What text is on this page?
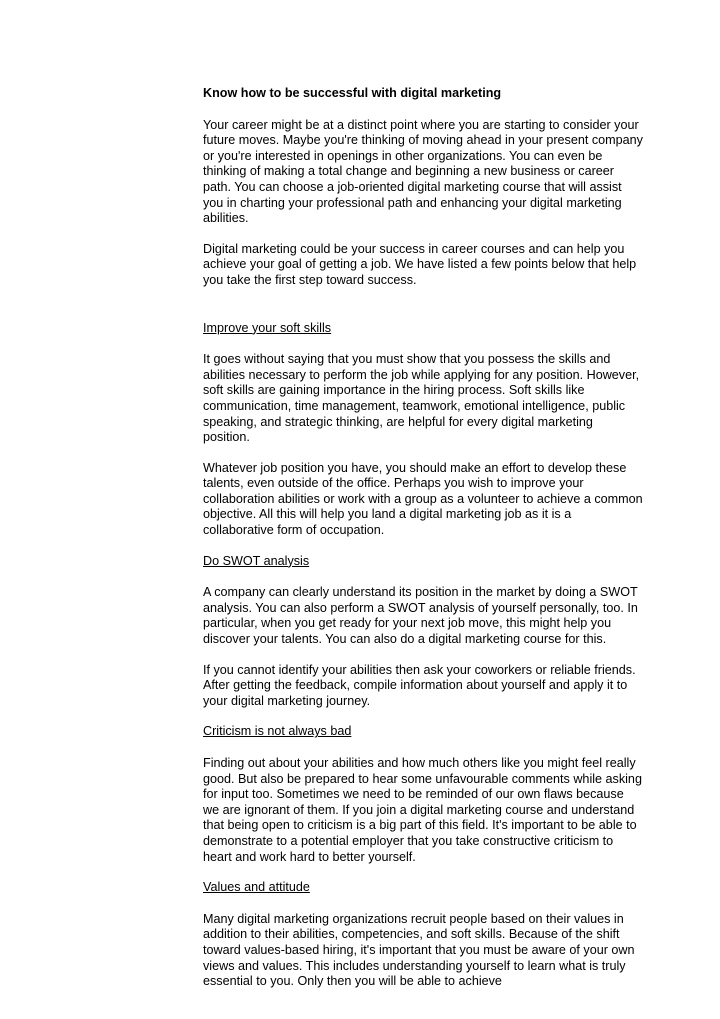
Know how to be successful with digital marketing

Your career might be at a distinct point where you are starting to consider your future moves. Maybe you're thinking of moving ahead in your present company or you're interested in openings in other organizations. You can even be thinking of making a total change and beginning a new business or career path. You can choose a job-oriented digital marketing course that will assist you in charting your professional path and enhancing your digital marketing abilities.

Digital marketing could be your success in career courses and can help you achieve your goal of getting a job. We have listed a few points below that help you take the first step toward success.

Improve your soft skills

It goes without saying that you must show that you possess the skills and abilities necessary to perform the job while applying for any position. However, soft skills are gaining importance in the hiring process. Soft skills like communication, time management, teamwork, emotional intelligence, public speaking, and strategic thinking, are helpful for every digital marketing position.

Whatever job position you have, you should make an effort to develop these talents, even outside of the office. Perhaps you wish to improve your collaboration abilities or work with a group as a volunteer to achieve a common objective. All this will help you land a digital marketing job as it is a collaborative form of occupation.

Do SWOT analysis

A company can clearly understand its position in the market by doing a SWOT analysis. You can also perform a SWOT analysis of yourself personally, too. In particular, when you get ready for your next job move, this might help you discover your talents. You can also do a digital marketing course for this.

If you cannot identify your abilities then ask your coworkers or reliable friends. After getting the feedback, compile information about yourself and apply it to your digital marketing journey.

Criticism is not always bad

Finding out about your abilities and how much others like you might feel really good. But also be prepared to hear some unfavourable comments while asking for input too. Sometimes we need to be reminded of our own flaws because we are ignorant of them. If you join a digital marketing course and understand that being open to criticism is a big part of this field. It's important to be able to demonstrate to a potential employer that you take constructive criticism to heart and work hard to better yourself.

Values and attitude

Many digital marketing organizations recruit people based on their values in addition to their abilities, competencies, and soft skills. Because of the shift toward values-based hiring, it's important that you must be aware of your own views and values. This includes understanding yourself to learn what is truly essential to you. Only then you will be able to achieve
